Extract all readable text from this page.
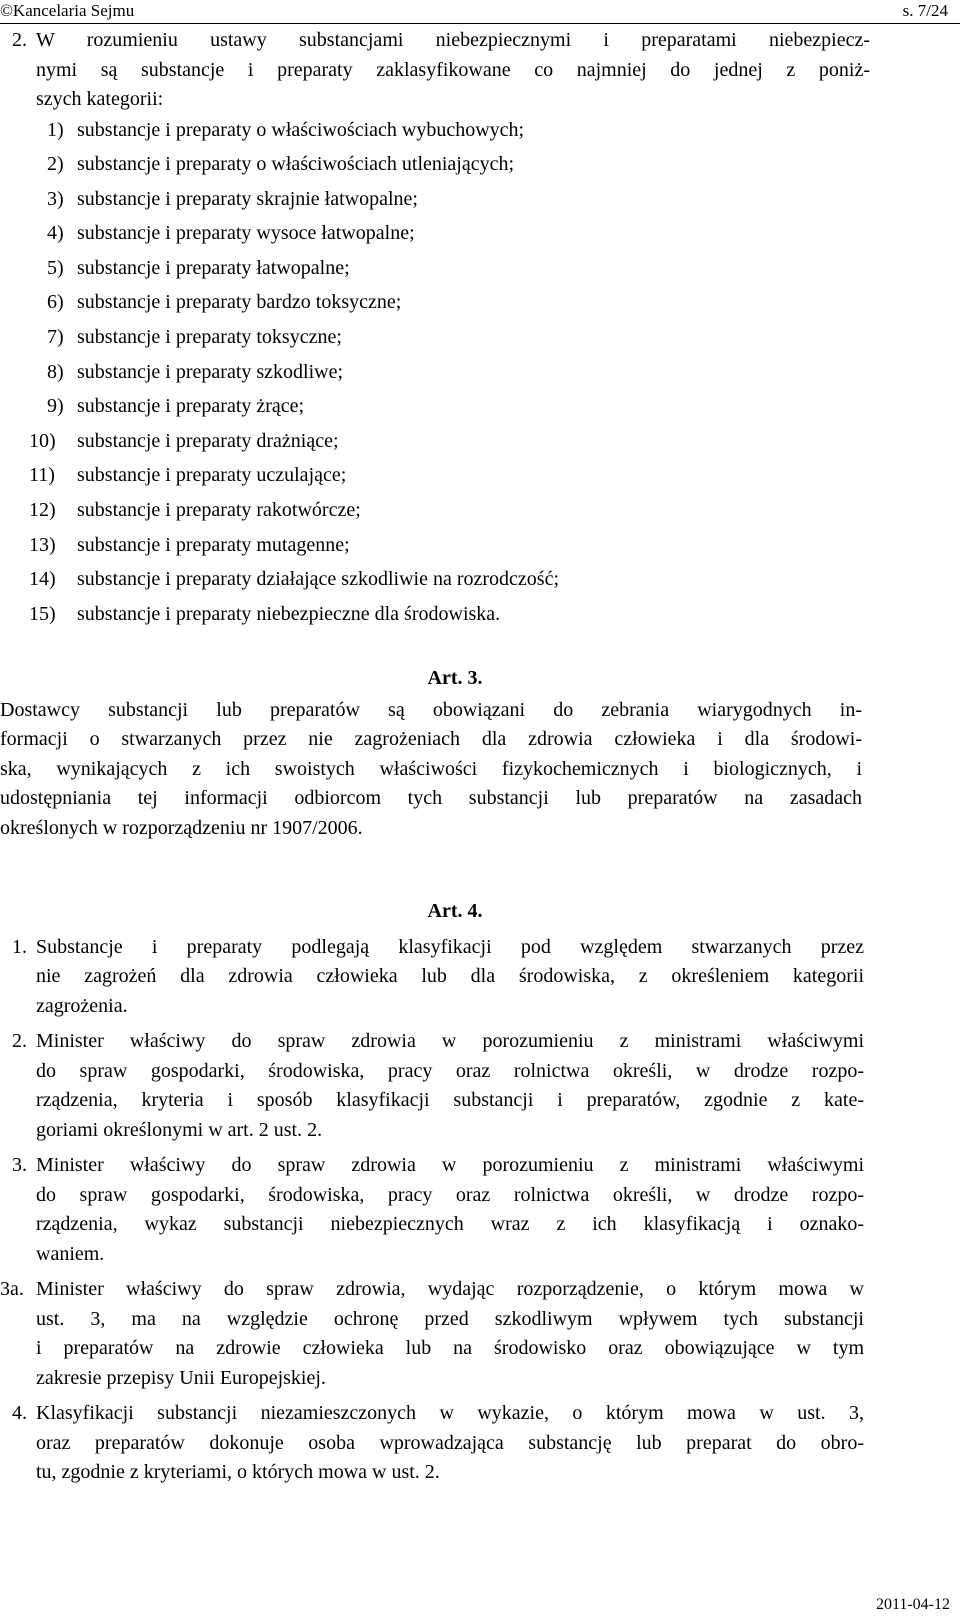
©Kancelaria Sejmu	s. 7/24
2. W rozumieniu ustawy substancjami niebezpiecznymi i preparatami niebezpiecz-
nymi są substancje i preparaty zaklasyfikowane co najmniej do jednej z poniż-
szych kategorii:
1) substancje i preparaty o właściwościach wybuchowych;
2) substancje i preparaty o właściwościach utleniających;
3) substancje i preparaty skrajnie łatwopalne;
4) substancje i preparaty wysoce łatwopalne;
5) substancje i preparaty łatwopalne;
6) substancje i preparaty bardzo toksyczne;
7) substancje i preparaty toksyczne;
8) substancje i preparaty szkodliwe;
9) substancje i preparaty żrące;
10) substancje i preparaty drażniące;
11) substancje i preparaty uczulające;
12) substancje i preparaty rakotwórcze;
13) substancje i preparaty mutagenne;
14) substancje i preparaty działające szkodliwie na rozrodczość;
15) substancje i preparaty niebezpieczne dla środowiska.
Art. 3.
Dostawcy substancji lub preparatów są obowiązani do zebrania wiarygodnych in-
formacji o stwarzanych przez nie zagrożeniach dla zdrowia człowieka i dla środowi-
ska, wynikających z ich swoistych właściwości fizykochemicznych i biologicznych, i
udostępniania tej informacji odbiorcom tych substancji lub preparatów na zasadach
określonych w rozporządzeniu nr 1907/2006.
Art. 4.
1. Substancje i preparaty podlegają klasyfikacji pod względem stwarzanych przez
nie zagrożeń dla zdrowia człowieka lub dla środowiska, z określeniem kategorii
zagrożenia.
2. Minister właściwy do spraw zdrowia w porozumieniu z ministrami właściwymi
do spraw gospodarki, środowiska, pracy oraz rolnictwa określi, w drodze rozpo-
rządzenia, kryteria i sposób klasyfikacji substancji i preparatów, zgodnie z kate-
goriami określonymi w art. 2 ust. 2.
3. Minister właściwy do spraw zdrowia w porozumieniu z ministrami właściwymi
do spraw gospodarki, środowiska, pracy oraz rolnictwa określi, w drodze rozpo-
rządzenia, wykaz substancji niebezpiecznych wraz z ich klasyfikacją i oznako-
waniem.
3a. Minister właściwy do spraw zdrowia, wydając rozporządzenie, o którym mowa w
ust. 3, ma na względzie ochronę przed szkodliwym wpływem tych substancji
i preparatów na zdrowie człowieka lub na środowisko oraz obowiązujące w tym
zakresie przepisy Unii Europejskiej.
4. Klasyfikacji substancji niezamieszczonych w wykazie, o którym mowa w ust. 3,
oraz preparatów dokonuje osoba wprowadzająca substancję lub preparat do obro-
tu, zgodnie z kryteriami, o których mowa w ust. 2.
2011-04-12
